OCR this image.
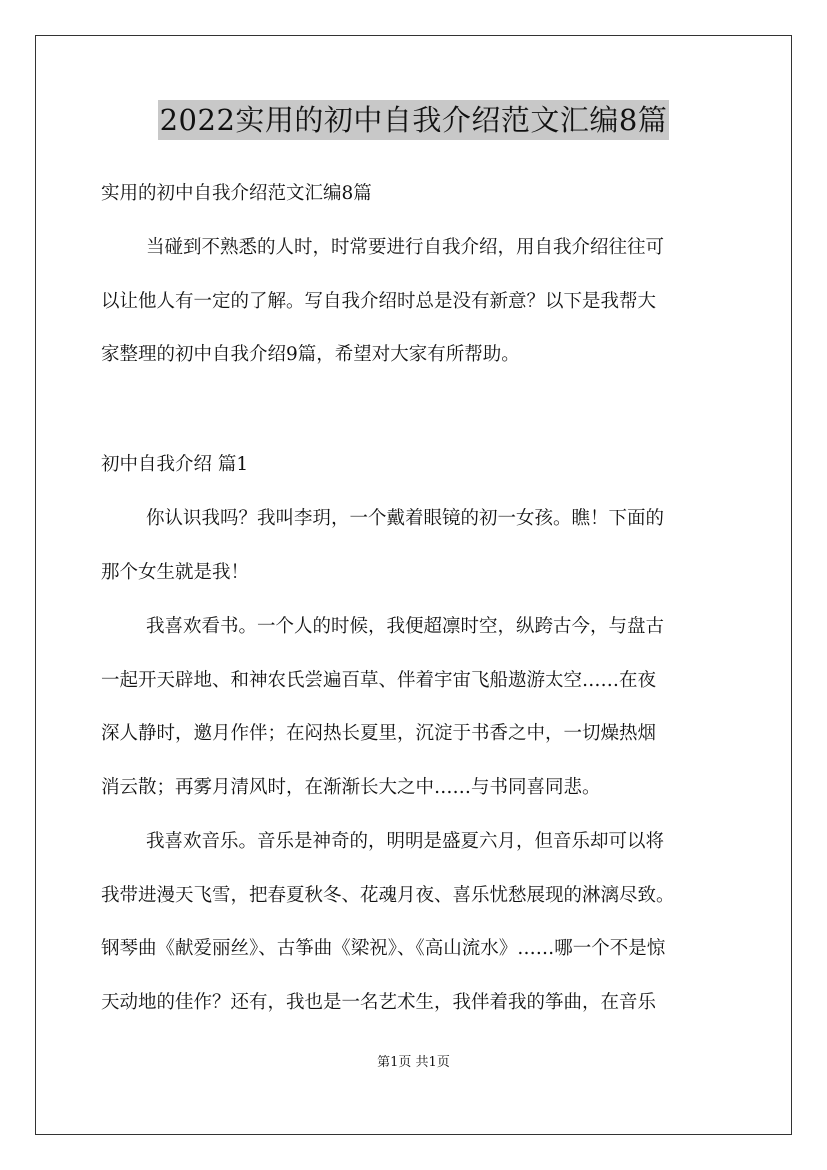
2022实用的初中自我介绍范文汇编8篇
实用的初中自我介绍范文汇编8篇
当碰到不熟悉的人时，时常要进行自我介绍，用自我介绍往往可
以让他人有一定的了解。写自我介绍时总是没有新意？以下是我帮大
家整理的初中自我介绍9篇，希望对大家有所帮助。
初中自我介绍 篇1
你认识我吗？我叫李玥，一个戴着眼镜的初一女孩。瞧！下面的
那个女生就是我！
我喜欢看书。一个人的时候，我便超凛时空，纵跨古今，与盘古
一起开天辟地、和神农氏尝遍百草、伴着宇宙飞船遨游太空……在夜
深人静时，邀月作伴；在闷热长夏里，沉淀于书香之中，一切燥热烟
消云散；再雾月清风时，在渐渐长大之中……与书同喜同悲。
我喜欢音乐。音乐是神奇的，明明是盛夏六月，但音乐却可以将
我带进漫天飞雪，把春夏秋冬、花魂月夜、喜乐忧愁展现的淋漓尽致。
钢琴曲《献爱丽丝》、古筝曲《梁祝》、《高山流水》……哪一个不是惊
天动地的佳作？还有，我也是一名艺术生，我伴着我的筝曲，在音乐
第1页 共1页
